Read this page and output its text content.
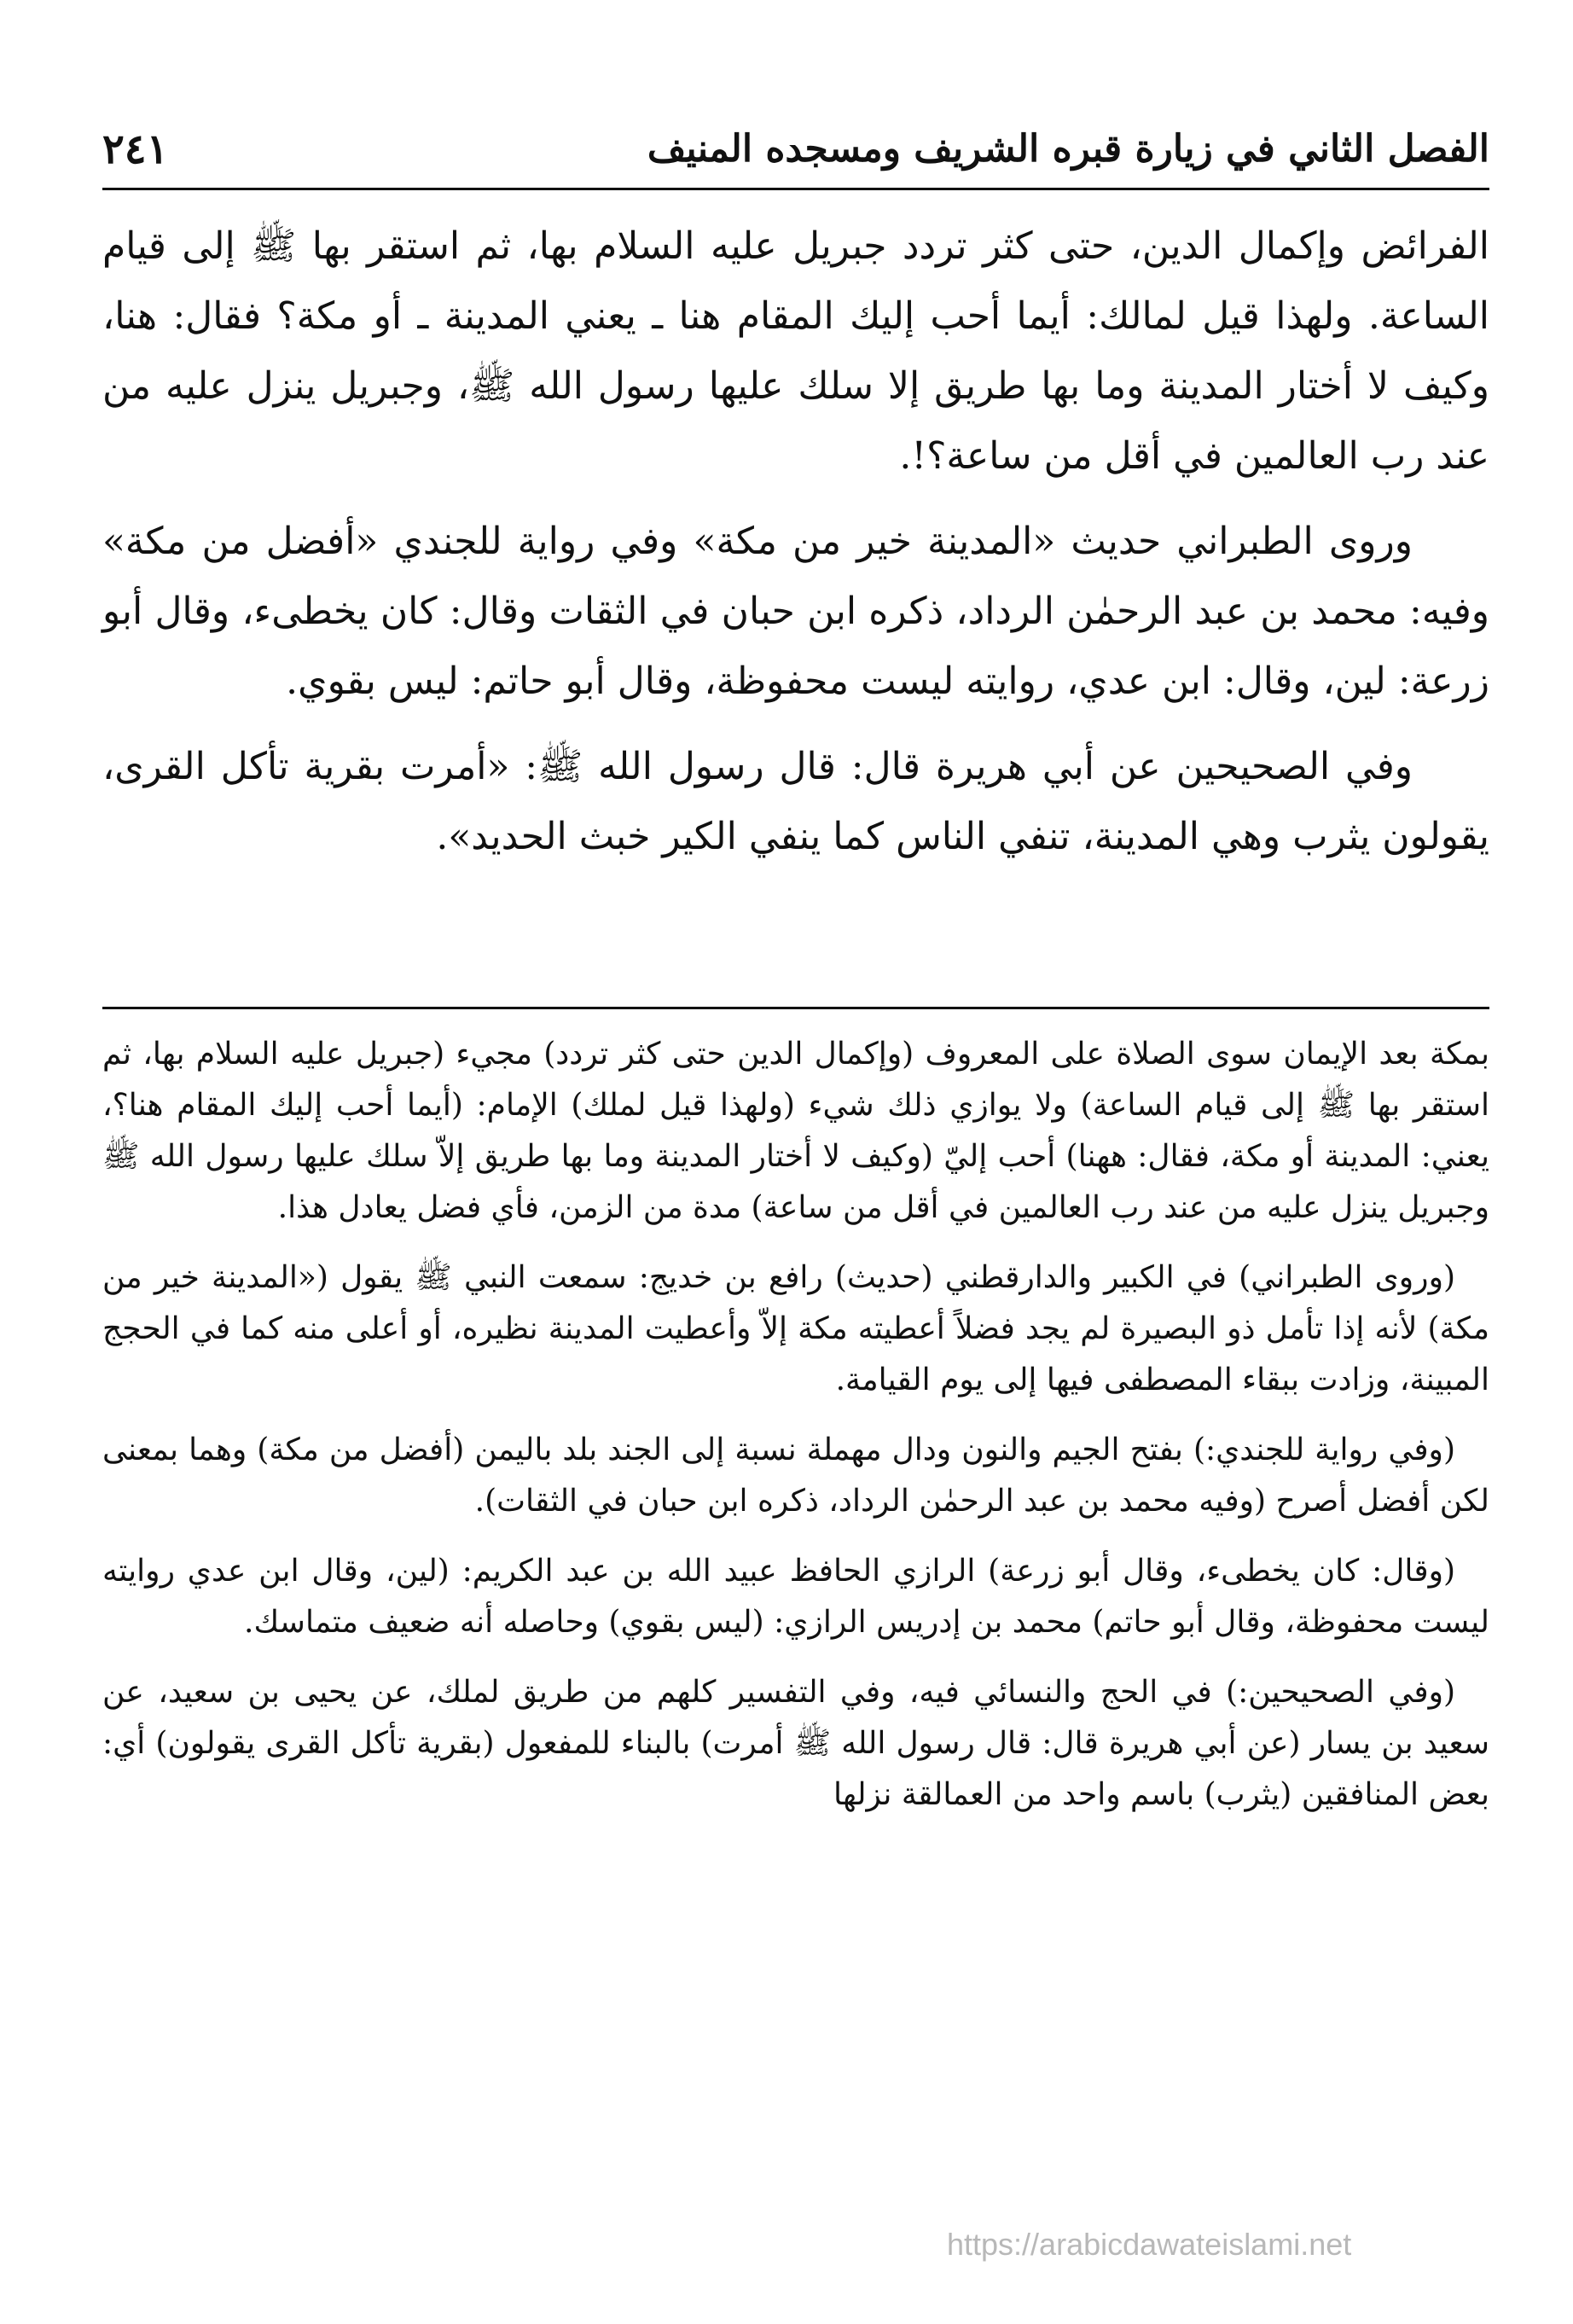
الفصل الثاني في زيارة قبره الشريف ومسجده المنيف
٢٤١

الفرائض وإكمال الدين، حتى كثر تردد جبريل عليه السلام بها، ثم استقر بها ﷺ إلى قيام الساعة. ولهذا قيل لمالك: أيما أحب إليك المقام هنا ـ يعني المدينة ـ أو مكة؟ فقال: هنا، وكيف لا أختار المدينة وما بها طريق إلا سلك عليها رسول الله ﷺ، وجبريل ينزل عليه من عند رب العالمين في أقل من ساعة؟!.

وروى الطبراني حديث «المدينة خير من مكة» وفي رواية للجندي «أفضل من مكة» وفيه: محمد بن عبد الرحمٰن الرداد، ذكره ابن حبان في الثقات وقال: كان يخطىء، وقال أبو زرعة: لين، وقال: ابن عدي، روايته ليست محفوظة، وقال أبو حاتم: ليس بقوي.

وفي الصحيحين عن أبي هريرة قال: قال رسول الله ﷺ: «أمرت بقرية تأكل القرى، يقولون يثرب وهي المدينة، تنفي الناس كما ينفي الكير خبث الحديد».

بمكة بعد الإيمان سوى الصلاة على المعروف (وإكمال الدين حتى كثر تردد) مجيء (جبريل عليه السلام بها، ثم استقر بها ﷺ إلى قيام الساعة) ولا يوازي ذلك شيء (ولهذا قيل لملك) الإمام: (أيما أحب إليك المقام هنا؟، يعني: المدينة أو مكة، فقال: ههنا) أحب إليّ (وكيف لا أختار المدينة وما بها طريق إلاّ سلك عليها رسول الله ﷺ وجبريل ينزل عليه من عند رب العالمين في أقل من ساعة) مدة من الزمن، فأي فضل يعادل هذا.

(وروى الطبراني) في الكبير والدارقطني (حديث) رافع بن خديج: سمعت النبي ﷺ يقول («المدينة خير من مكة) لأنه إذا تأمل ذو البصيرة لم يجد فضلاً أعطيته مكة إلاّ وأعطيت المدينة نظيره، أو أعلى منه كما في الحجج المبينة، وزادت ببقاء المصطفى فيها إلى يوم القيامة.

(وفي رواية للجندي:) بفتح الجيم والنون ودال مهملة نسبة إلى الجند بلد باليمن (أفضل من مكة) وهما بمعنى لكن أفضل أصرح (وفيه محمد بن عبد الرحمٰن الرداد، ذكره ابن حبان في الثقات).

(وقال: كان يخطىء، وقال أبو زرعة) الرازي الحافظ عبيد الله بن عبد الكريم: (لين، وقال ابن عدي روايته ليست محفوظة، وقال أبو حاتم) محمد بن إدريس الرازي: (ليس بقوي) وحاصله أنه ضعيف متماسك.

(وفي الصحيحين:) في الحج والنسائي فيه، وفي التفسير كلهم من طريق لملك، عن يحيى بن سعيد، عن سعيد بن يسار (عن أبي هريرة قال: قال رسول الله ﷺ أمرت) بالبناء للمفعول (بقرية تأكل القرى يقولون) أي: بعض المنافقين (يثرب) باسم واحد من العمالقة نزلها

https://arabicdawateislami.net
